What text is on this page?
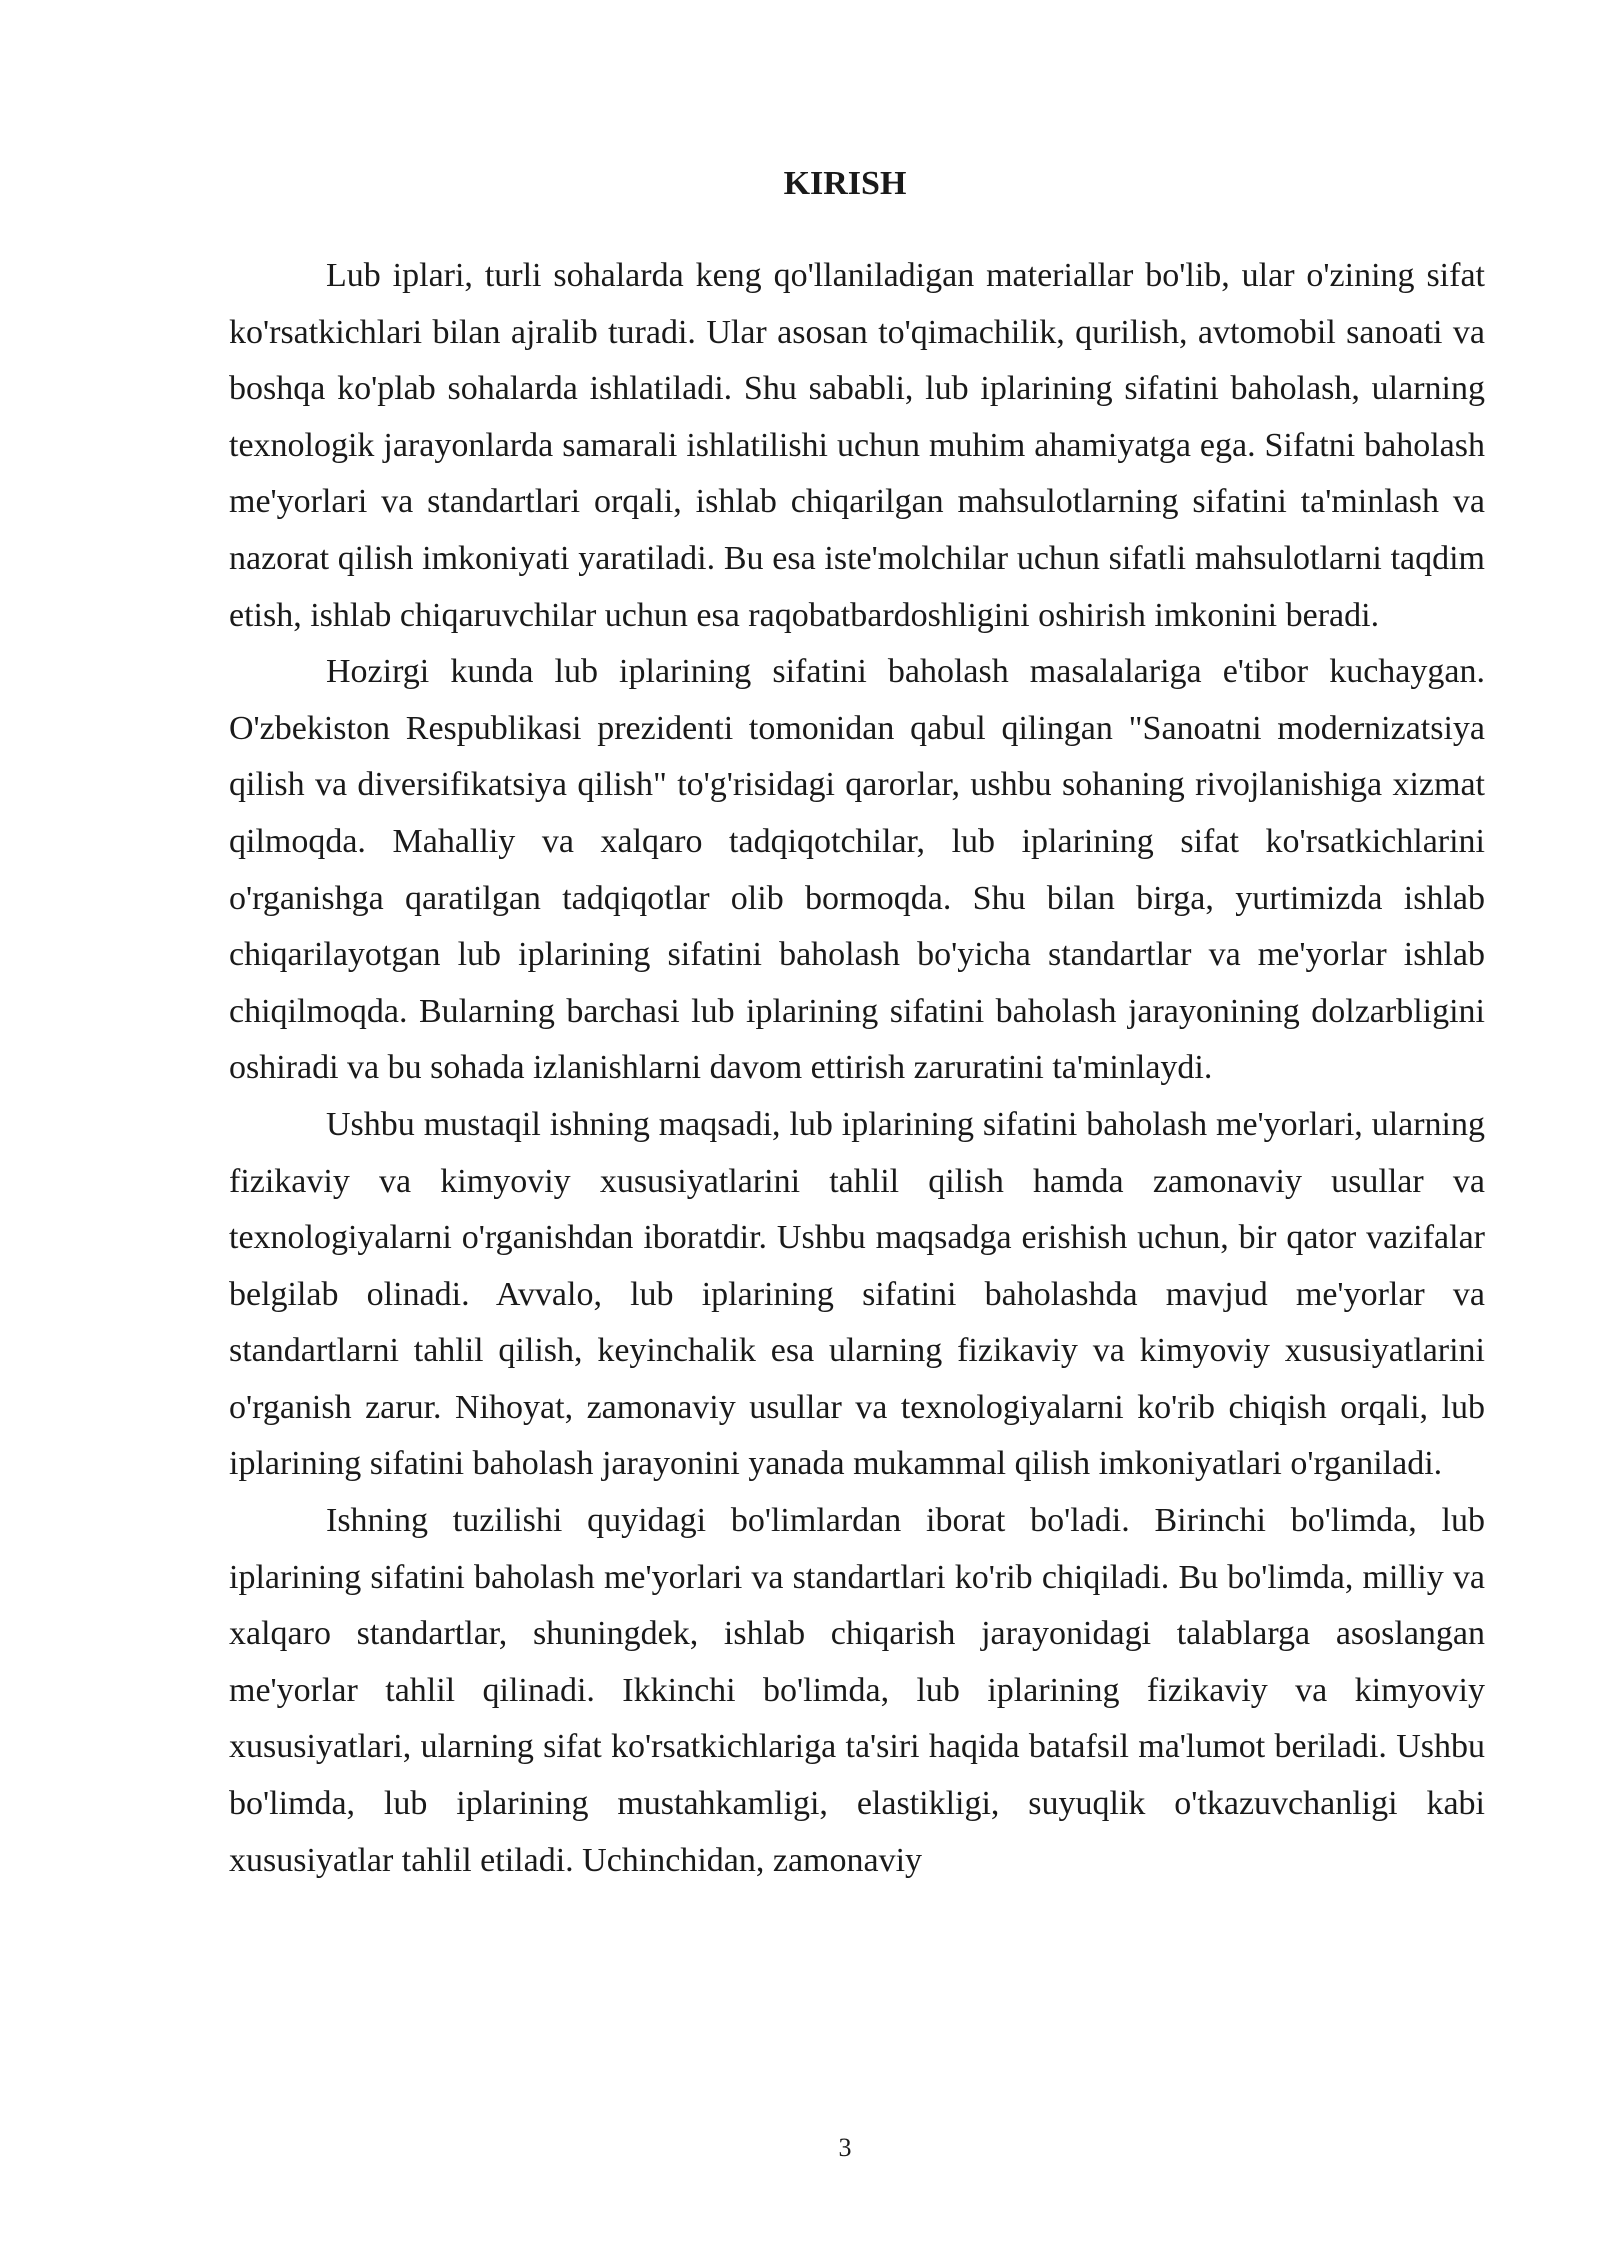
KIRISH

Lub iplari, turli sohalarda keng qo'llaniladigan materiallar bo'lib, ular o'zining sifat ko'rsatkichlari bilan ajralib turadi. Ular asosan to'qimachilik, qurilish, avtomobil sanoati va boshqa ko'plab sohalarda ishlatiladi. Shu sababli, lub iplarining sifatini baholash, ularning texnologik jarayonlarda samarali ishlatilishi uchun muhim ahamiyatga ega. Sifatni baholash me'yorlari va standartlari orqali, ishlab chiqarilgan mahsulotlarning sifatini ta'minlash va nazorat qilish imkoniyati yaratiladi. Bu esa iste'molchilar uchun sifatli mahsulotlarni taqdim etish, ishlab chiqaruvchilar uchun esa raqobatbardoshligini oshirish imkonini beradi.

Hozirgi kunda lub iplarining sifatini baholash masalalariga e'tibor kuchaygan. O'zbekiston Respublikasi prezidenti tomonidan qabul qilingan "Sanoatni modernizatsiya qilish va diversifikatsiya qilish" to'g'risidagi qarorlar, ushbu sohaning rivojlanishiga xizmat qilmoqda. Mahalliy va xalqaro tadqiqotchilar, lub iplarining sifat ko'rsatkichlarini o'rganishga qaratilgan tadqiqotlar olib bormoqda. Shu bilan birga, yurtimizda ishlab chiqarilayotgan lub iplarining sifatini baholash bo'yicha standartlar va me'yorlar ishlab chiqilmoqda. Bularning barchasi lub iplarining sifatini baholash jarayonining dolzarbligini oshiradi va bu sohada izlanishlarni davom ettirish zaruratini ta'minlaydi.

Ushbu mustaqil ishning maqsadi, lub iplarining sifatini baholash me'yorlari, ularning fizikaviy va kimyoviy xususiyatlarini tahlil qilish hamda zamonaviy usullar va texnologiyalarni o'rganishdan iboratdir. Ushbu maqsadga erishish uchun, bir qator vazifalar belgilab olinadi. Avvalo, lub iplarining sifatini baholashda mavjud me'yorlar va standartlarni tahlil qilish, keyinchalik esa ularning fizikaviy va kimyoviy xususiyatlarini o'rganish zarur. Nihoyat, zamonaviy usullar va texnologiyalarni ko'rib chiqish orqali, lub iplarining sifatini baholash jarayonini yanada mukammal qilish imkoniyatlari o'rganiladi.

Ishning tuzilishi quyidagi bo'limlardan iborat bo'ladi. Birinchi bo'limda, lub iplarining sifatini baholash me'yorlari va standartlari ko'rib chiqiladi. Bu bo'limda, milliy va xalqaro standartlar, shuningdek, ishlab chiqarish jarayonidagi talablarga asoslangan me'yorlar tahlil qilinadi. Ikkinchi bo'limda, lub iplarining fizikaviy va kimyoviy xususiyatlari, ularning sifat ko'rsatkichlariga ta'siri haqida batafsil ma'lumot beriladi. Ushbu bo'limda, lub iplarining mustahkamligi, elastikligi, suyuqlik o'tkazuvchanligi kabi xususiyatlar tahlil etiladi. Uchinchidan, zamonaviy

3
